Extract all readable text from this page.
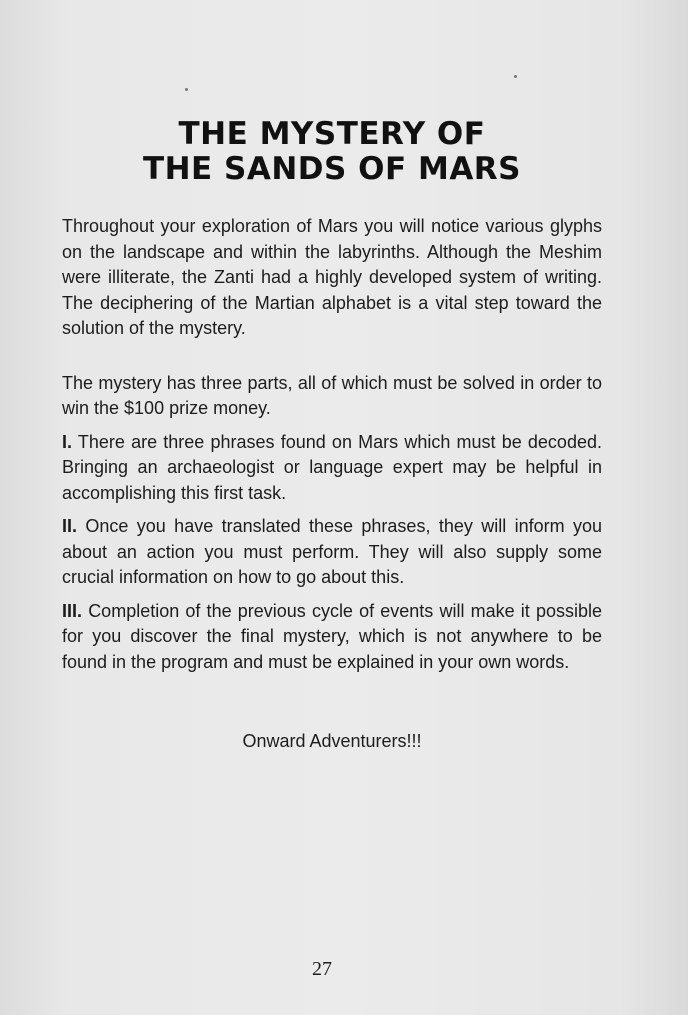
THE MYSTERY OF
THE SANDS OF MARS

Throughout your exploration of Mars you will notice various glyphs on the landscape and within the labyrinths. Although the Meshim were illiterate, the Zanti had a highly developed system of writing. The deciphering of the Martian alphabet is a vital step toward the solution of the mystery.

The mystery has three parts, all of which must be solved in order to win the $100 prize money.

I. There are three phrases found on Mars which must be decoded. Bringing an archaeologist or language expert may be helpful in accomplishing this first task.

II. Once you have translated these phrases, they will inform you about an action you must perform. They will also supply some crucial information on how to go about this.

III. Completion of the previous cycle of events will make it possible for you discover the final mystery, which is not anywhere to be found in the program and must be explained in your own words.

Onward Adventurers!!!

27
